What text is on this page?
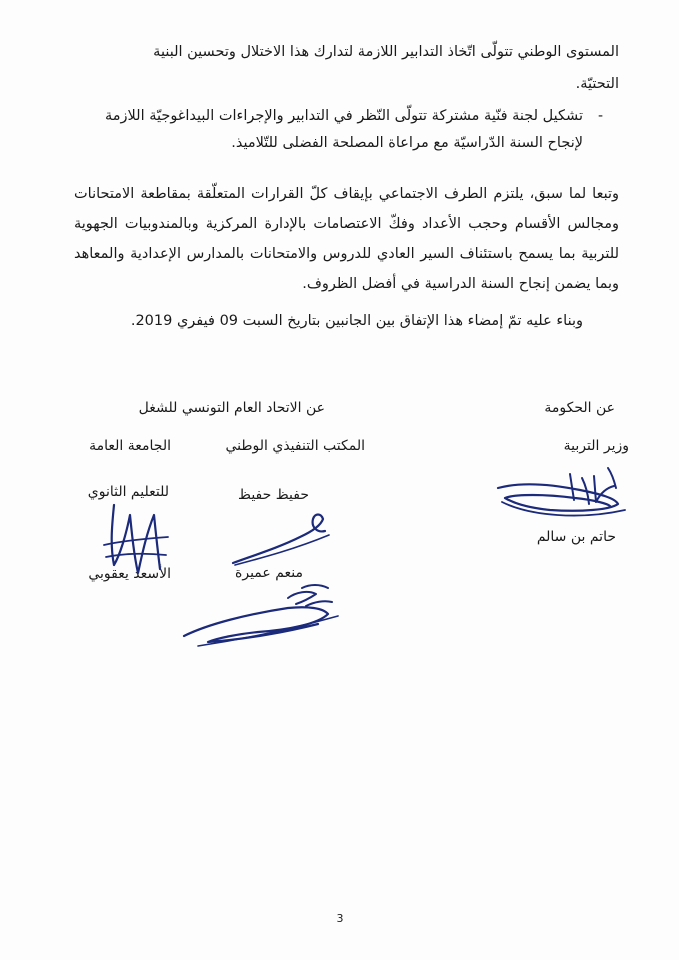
المستوى الوطني تتولّى اتّخاذ التدابير اللازمة لتدارك هذا الاختلال وتحسين البنية
التحتيّة.
-
تشكيل لجنة فنّية مشتركة تتولّى النّظر في التدابير والإجراءات البيداغوجيّة اللازمة
لإنجاح السنة الدّراسيّة مع مراعاة المصلحة الفضلى للتّلاميذ.
وتبعا لما سبق، يلتزم الطرف الاجتماعي بإيقاف كلّ القرارات المتعلّقة بمقاطعة الامتحانات ومجالس الأقسام وحجب الأعداد وفكّ الاعتصامات بالإدارة المركزية وبالمندوبيات الجهوية للتربية بما يسمح باستئناف السير العادي للدروس والامتحانات بالمدارس الإعدادية والمعاهد وبما يضمن إنجاح السنة الدراسية في أفضل الظروف.
وبناء عليه تمّ إمضاء هذا الإتفاق بين الجانبين بتاريخ السبت 09 فيفري 2019.
عن الحكومة
عن الاتحاد العام التونسي للشغل
وزير التربية
المكتب التنفيذي الوطني
الجامعة العامة
حفيظ حفيظ
للتعليم الثانوي
حاتم بن سالم
منعم عميرة
الأسعد يعقوبي
3
